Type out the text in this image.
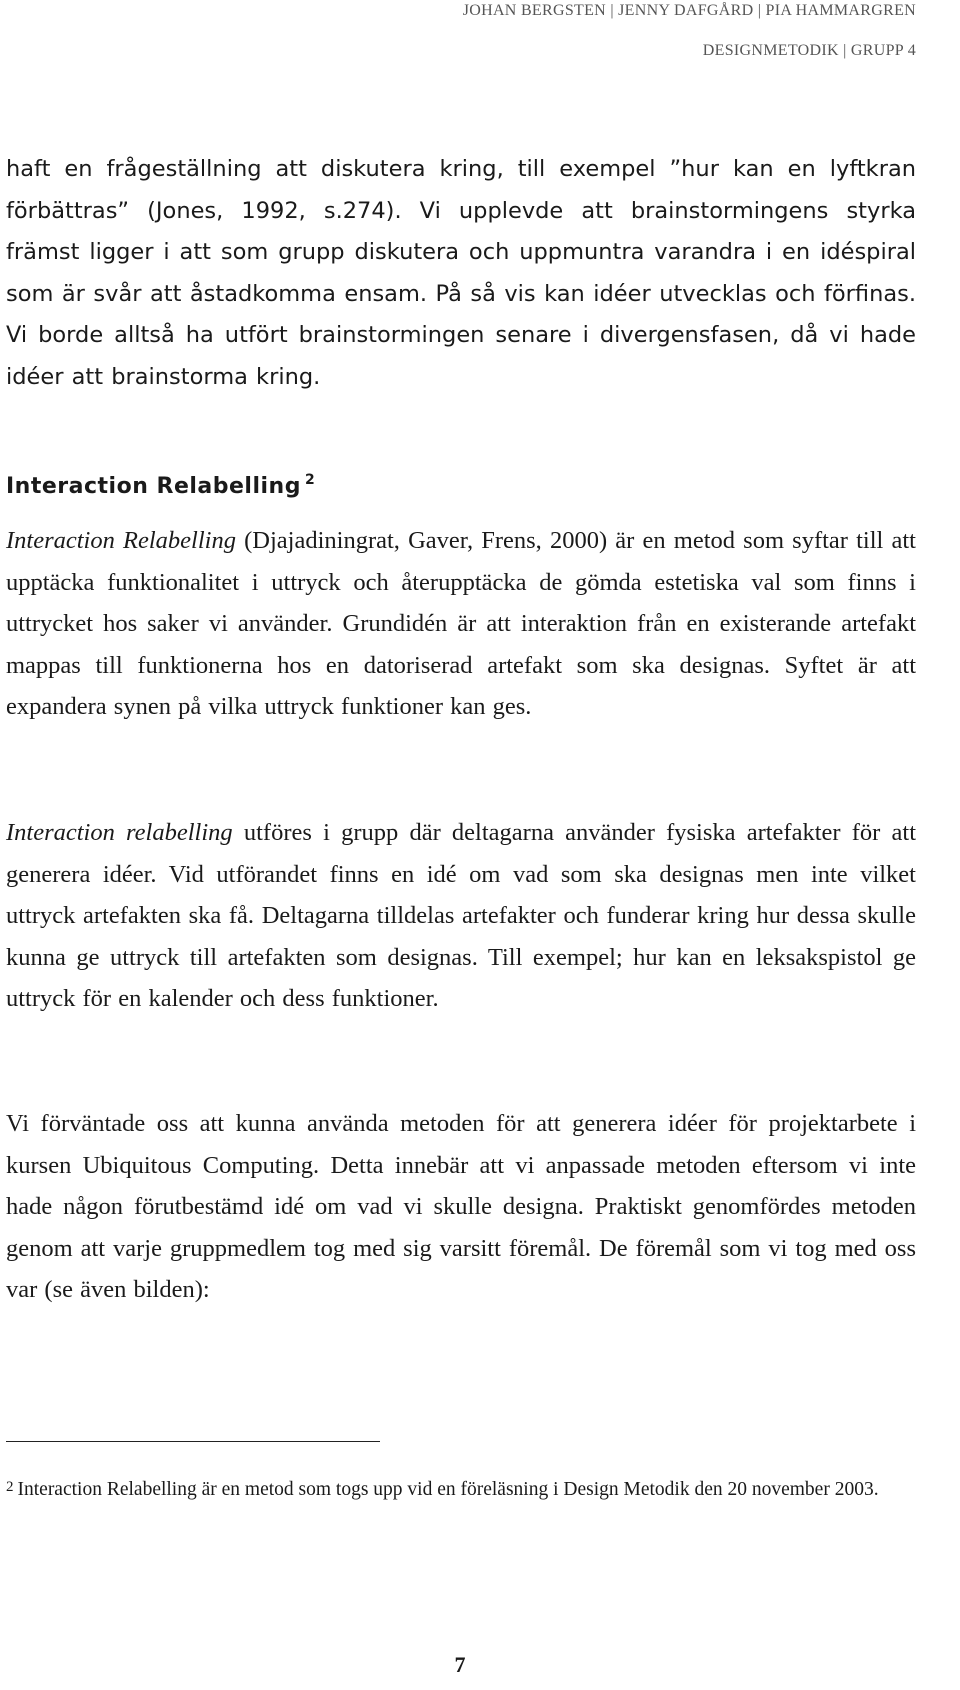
JOHAN BERGSTEN | JENNY DAFGÅRD | PIA HAMMARGREN

DESIGNMETODIK | GRUPP 4

haft en frågeställning att diskutera kring, till exempel ”hur kan en lyftkran förbättras” (Jones, 1992, s.274). Vi upplevde att brainstormingens styrka främst ligger i att som grupp diskutera och uppmuntra varandra i en idéspiral som är svår att åstadkomma ensam. På så vis kan idéer utvecklas och förfinas. Vi borde alltså ha utfört brainstormingen senare i divergensfasen, då vi hade idéer att brainstorma kring.

Interaction Relabelling $^2$

Interaction Relabelling (Djajadiningrat, Gaver, Frens, 2000) är en metod som syftar till att upptäcka funktionalitet i uttryck och återupptäcka de gömda estetiska val som finns i uttrycket hos saker vi använder. Grundidén är att interaktion från en existerande artefakt mappas till funktionerna hos en datoriserad artefakt som ska designas. Syftet är att expandera synen på vilka uttryck funktioner kan ges.

Interaction relabelling utföres i grupp där deltagarna använder fysiska artefakter för att generera idéer. Vid utförandet finns en idé om vad som ska designas men inte vilket uttryck artefakten ska få. Deltagarna tilldelas artefakter och funderar kring hur dessa skulle kunna ge uttryck till artefakten som designas. Till exempel; hur kan en leksakspistol ge uttryck för en kalender och dess funktioner.

Vi förväntade oss att kunna använda metoden för att generera idéer för projektarbete i kursen Ubiquitous Computing. Detta innebär att vi anpassade metoden eftersom vi inte hade någon förutbestämd idé om vad vi skulle designa. Praktiskt genomfördes metoden genom att varje gruppmedlem tog med sig varsitt föremål. De föremål som vi tog med oss var (se även bilden):

$^2$ Interaction Relabelling är en metod som togs upp vid en föreläsning i Design Metodik den 20 november 2003.

7
